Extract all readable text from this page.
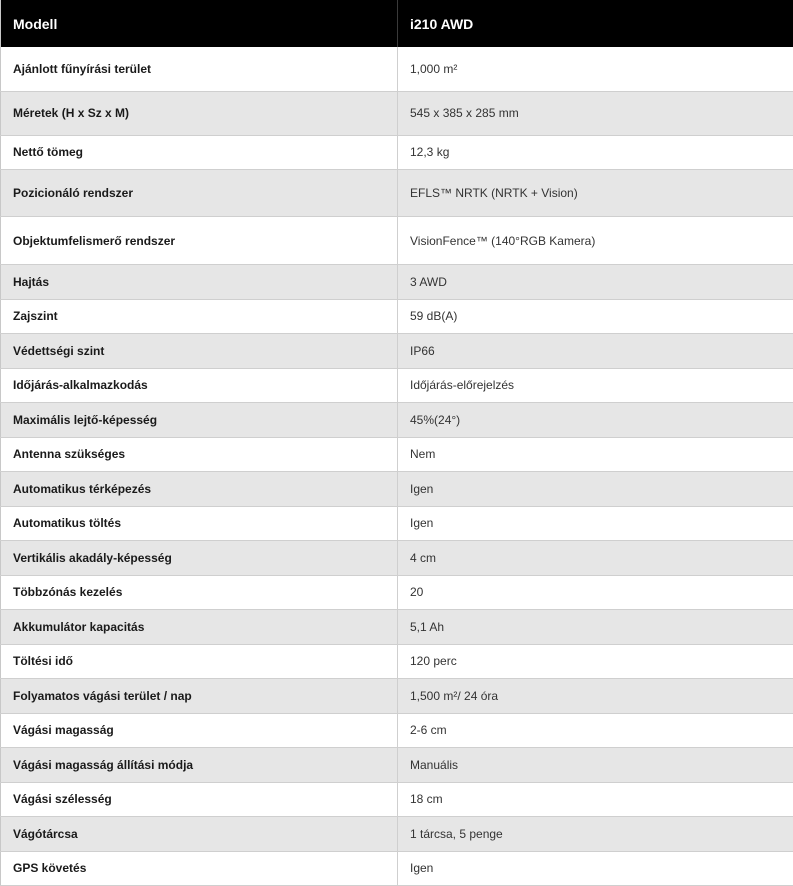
Modell	i210 AWD
Ajánlott fűnyírási terület	1,000 m²
Méretek (H x Sz x M)	545 x 385 x 285 mm
Nettő tömeg	12,3 kg
Pozicionáló rendszer	EFLS™ NRTK (NRTK + Vision)
Objektumfelismerő rendszer	VisionFence™ (140°RGB Kamera)
Hajtás	3 AWD
Zajszint	59 dB(A)
Védettségi szint	IP66
Időjárás-alkalmazkodás	Időjárás-előrejelzés
Maximális lejtő-képesség	45%(24°)
Antenna szükséges	Nem
Automatikus térképezés	Igen
Automatikus töltés	Igen
Vertikális akadály-képesség	4 cm
Többzónás kezelés	20
Akkumulátor kapacitás	5,1 Ah
Töltési idő	120 perc
Folyamatos vágási terület / nap	1,500 m²/ 24 óra
Vágási magasság	2-6 cm
Vágási magasság állítási módja	Manuális
Vágási szélesség	18 cm
Vágótárcsa	1 tárcsa, 5 penge
GPS követés	Igen
